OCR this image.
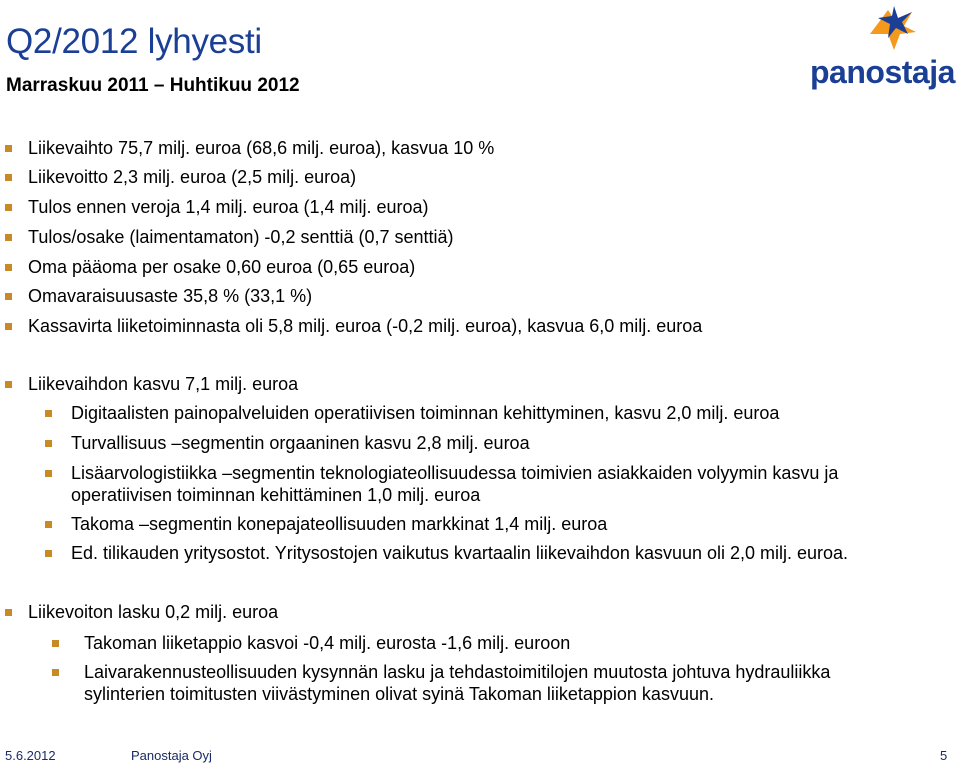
Q2/2012 lyhyesti
Marraskuu 2011 – Huhtikuu 2012	panostaja
Liikevaihto 75,7 milj. euroa (68,6 milj. euroa), kasvua 10 %
Liikevoitto 2,3 milj. euroa (2,5 milj. euroa)
Tulos ennen veroja 1,4 milj. euroa (1,4 milj. euroa)
Tulos/osake (laimentamaton) -0,2 senttiä (0,7 senttiä)
Oma pääoma per osake 0,60 euroa (0,65 euroa)
Omavaraisuusaste 35,8 % (33,1 %)
Kassavirta liiketoiminnasta oli 5,8 milj. euroa (-0,2 milj. euroa), kasvua 6,0 milj. euroa
Liikevaihdon kasvu 7,1 milj. euroa
Digitaalisten painopalveluiden operatiivisen toiminnan kehittyminen, kasvu 2,0 milj. euroa
Turvallisuus –segmentin orgaaninen kasvu 2,8 milj. euroa
Lisäarvologistiikka –segmentin teknologiateollisuudessa toimivien asiakkaiden volyymin kasvu ja
operatiivisen toiminnan kehittäminen 1,0 milj. euroa
Takoma –segmentin konepajateollisuuden markkinat 1,4 milj. euroa
Ed. tilikauden yritysostot. Yritysostojen vaikutus kvartaalin liikevaihdon kasvuun oli 2,0 milj. euroa.
Liikevoiton lasku 0,2 milj. euroa
Takoman liiketappio kasvoi -0,4 milj. eurosta -1,6 milj. euroon
Laivarakennusteollisuuden kysynnän lasku ja tehdastoimitilojen muutosta johtuva hydrauliikka
sylinterien toimitusten viivästyminen olivat syinä Takoman liiketappion kasvuun.
5.6.2012	Panostaja Oyj	5
